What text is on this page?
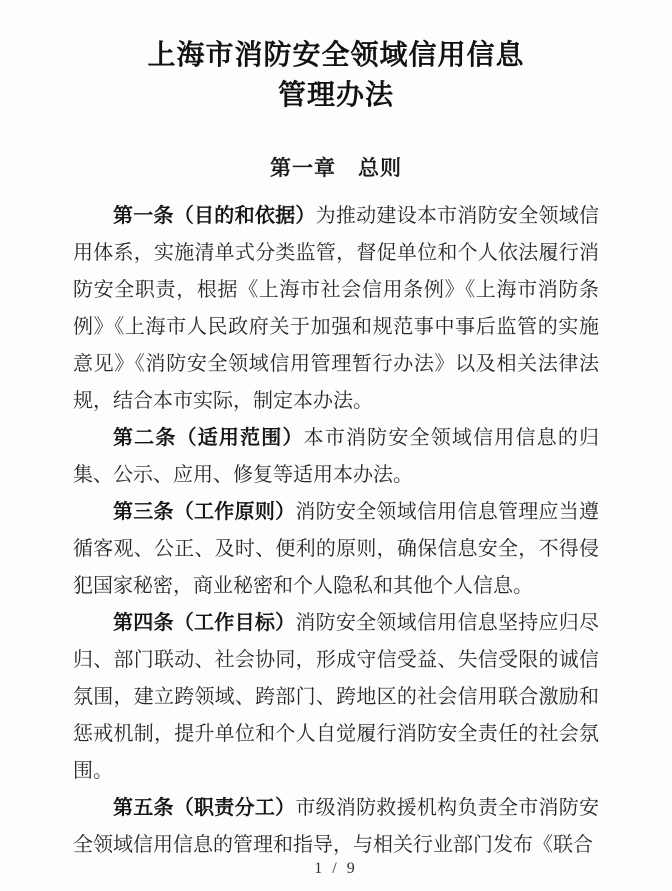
上海市消防安全领域信用信息
管理办法
第一章　总则

第一条（目的和依据）为推动建设本市消防安全领域信用体系，实施清单式分类监管，督促单位和个人依法履行消防安全职责，根据《上海市社会信用条例》《上海市消防条例》《上海市人民政府关于加强和规范事中事后监管的实施意见》《消防安全领域信用管理暂行办法》以及相关法律法规，结合本市实际，制定本办法。

第二条（适用范围）本市消防安全领域信用信息的归集、公示、应用、修复等适用本办法。

第三条（工作原则）消防安全领域信用信息管理应当遵循客观、公正、及时、便利的原则，确保信息安全，不得侵犯国家秘密，商业秘密和个人隐私和其他个人信息。

第四条（工作目标）消防安全领域信用信息坚持应归尽归、部门联动、社会协同，形成守信受益、失信受限的诚信氛围，建立跨领域、跨部门、跨地区的社会信用联合激励和惩戒机制，提升单位和个人自觉履行消防安全责任的社会氛围。

第五条（职责分工）市级消防救援机构负责全市消防安全领域信用信息的管理和指导，与相关行业部门发布《联合

1 / 9
